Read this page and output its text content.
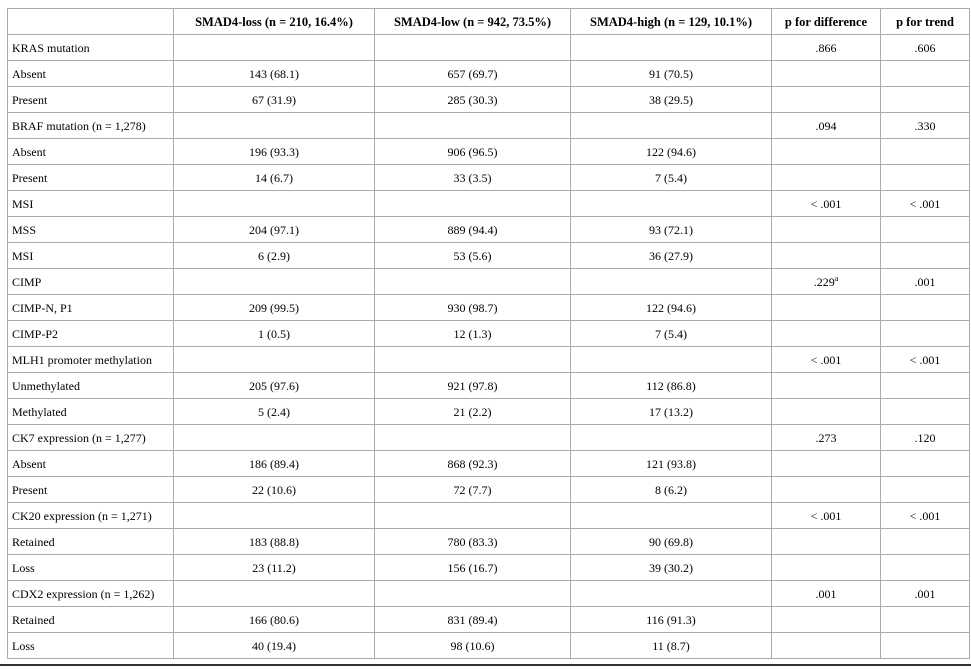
	SMAD4-loss (n = 210, 16.4%)	SMAD4-low (n = 942, 73.5%)	SMAD4-high (n = 129, 10.1%)	p for difference	p for trend
KRAS mutation				.866	.606
Absent	143 (68.1)	657 (69.7)	91 (70.5)		
Present	67 (31.9)	285 (30.3)	38 (29.5)		
BRAF mutation (n = 1,278)				.094	.330
Absent	196 (93.3)	906 (96.5)	122 (94.6)		
Present	14 (6.7)	33 (3.5)	7 (5.4)		
MSI				< .001	< .001
MSS	204 (97.1)	889 (94.4)	93 (72.1)		
MSI	6 (2.9)	53 (5.6)	36 (27.9)		
CIMP				.229$^a$	.001
CIMP-N, P1	209 (99.5)	930 (98.7)	122 (94.6)		
CIMP-P2	1 (0.5)	12 (1.3)	7 (5.4)		
MLH1 promoter methylation				< .001	< .001
Unmethylated	205 (97.6)	921 (97.8)	112 (86.8)		
Methylated	5 (2.4)	21 (2.2)	17 (13.2)		
CK7 expression (n = 1,277)				.273	.120
Absent	186 (89.4)	868 (92.3)	121 (93.8)		
Present	22 (10.6)	72 (7.7)	8 (6.2)		
CK20 expression (n = 1,271)				< .001	< .001
Retained	183 (88.8)	780 (83.3)	90 (69.8)		
Loss	23 (11.2)	156 (16.7)	39 (30.2)		
CDX2 expression (n = 1,262)				.001	.001
Retained	166 (80.6)	831 (89.4)	116 (91.3)		
Loss	40 (19.4)	98 (10.6)	11 (8.7)		
